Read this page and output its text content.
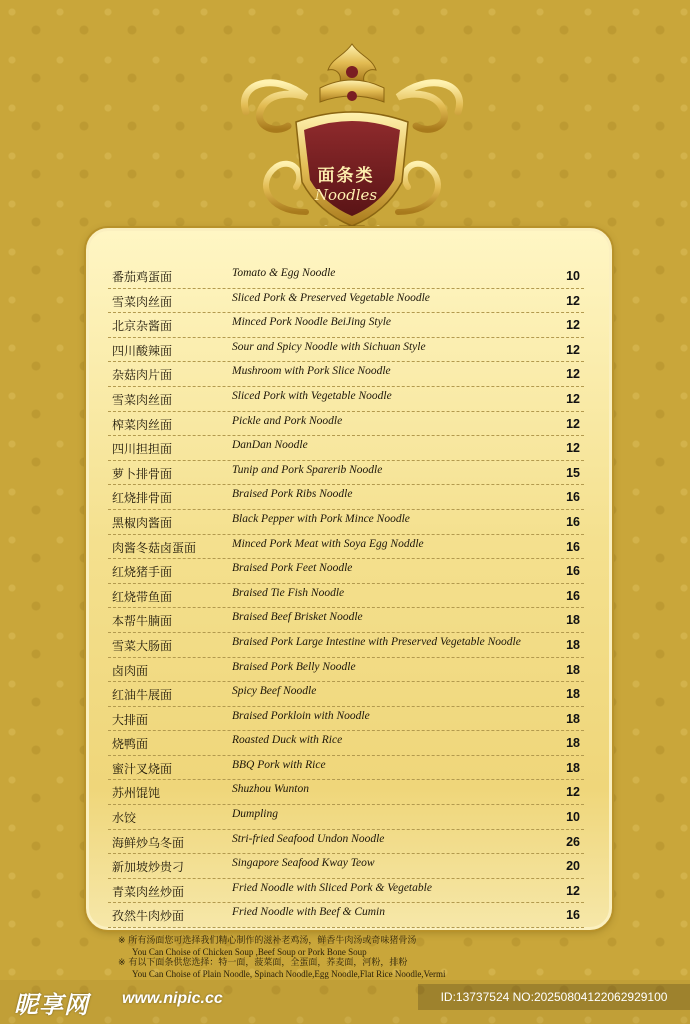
面条类
Noodles
番茄鸡蛋面	Tomato & Egg Noodle	10
雪菜肉丝面	Sliced Pork & Preserved Vegetable Noodle	12
北京杂酱面	Minced Pork Noodle BeiJing Style	12
四川酸辣面	Sour and Spicy Noodle with Sichuan Style	12
杂菇肉片面	Mushroom with Pork Slice Noodle	12
雪菜肉丝面	Sliced Pork with Vegetable Noodle	12
榨菜肉丝面	Pickle and Pork Noodle	12
四川担担面	DanDan Noodle	12
萝卜排骨面	Tunip and Pork Sparerib Noodle	15
红烧排骨面	Braised Pork Ribs Noodle	16
黑椒肉酱面	Black Pepper with Pork Mince Noodle	16
肉酱冬菇卤蛋面	Minced Pork Meat with Soya Egg Noddle	16
红烧猪手面	Braised Pork Feet Noodle	16
红烧带鱼面	Braised Tie Fish Noodle	16
本帮牛腩面	Braised Beef Brisket Noodle	18
雪菜大肠面	Braised Pork Large Intestine with Preserved Vegetable Noodle	18
卤肉面	Braised Pork Belly Noodle	18
红油牛展面	Spicy Beef Noodle	18
大排面	Braised Porkloin with Noodle	18
烧鸭面	Roasted Duck with Rice	18
蜜汁叉烧面	BBQ Pork with Rice	18
苏州馄饨	Shuzhou Wunton	12
水饺	Dumpling	10
海鲜炒乌冬面	Stri-fried Seafood Undon Noodle	26
新加坡炒贵刁	Singapore Seafood Kway Teow	20
青菜肉丝炒面	Fried Noodle with Sliced Pork & Vegetable	12
孜然牛肉炒面	Fried Noodle with Beef & Cumin	16
※ 所有汤面您可选择我们精心制作的滋补老鸡汤，鲜香牛肉汤或奇味猪骨汤
You Can Choise of Chicken Soup ,Beef Soup or Pork Bone Soup
※ 有以下面条供您选择：特一面，菠菜面，全蛋面，荞麦面，河粉，排粉
You Can Choise of Plain Noodle, Spinach Noodle,Egg Noodle,Flat Rice Noodle,Vermi
昵享网 www.nipic.cc	ID:13737524 NO:20250804122062929100
